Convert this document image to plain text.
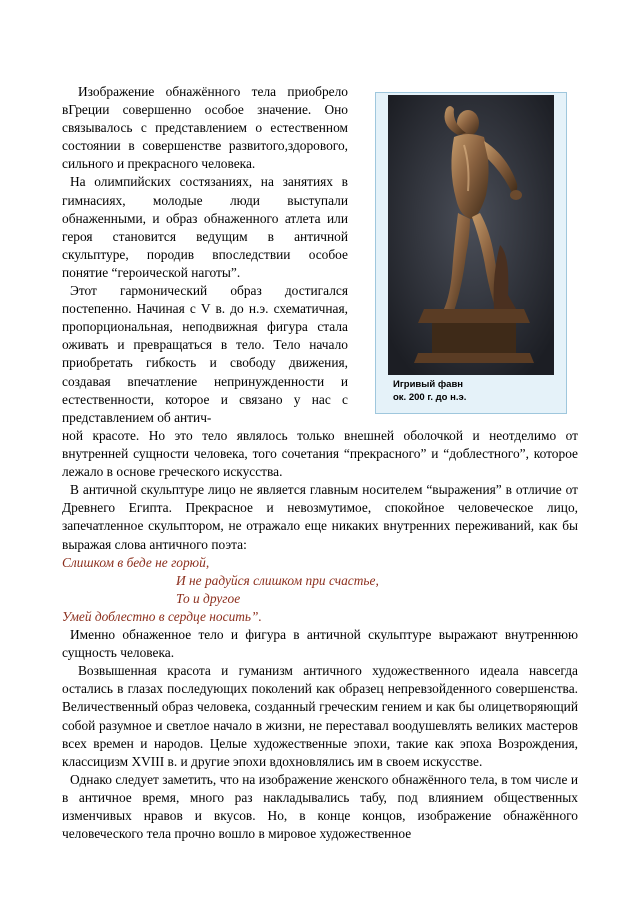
Изображение обнажённого тела приобрело вГреции совершенно особое значение. Оно связывалось с представлением о естественном состоянии в совершенстве развитого,здорового, сильного и прекрасного человека.

На олимпийских состязаниях, на занятиях в гимнасиях, молодые люди выступали обнаженными, и образ обнаженного атлета или героя становится ведущим в античной скульптуре, породив впоследствии особое понятие “героической наготы”.

Этот гармонический образ достигался постепенно. Начиная с V в. до н.э. схематичная, пропорциональная, неподвижная фигура стала оживать и превращаться в тело. Тело начало приобретать гибкость и свободу движения, создавая впечатление непринужденности и естественности, которое и связано у нас с представлением об антич-

Игривый фавн
ок. 200 г. до н.э.

ной красоте. Но это тело являлось только внешней оболочкой и неотделимо от внутренней сущности человека, того сочетания “прекрасного” и “доблестного”, которое лежало в основе греческого искусства.

В античной скульптуре лицо не является главным носителем “выражения” в отличие от Древнего Египта. Прекрасное и невозмутимое, спокойное человеческое лицо, запечатленное скульптором, не отражало еще никаких внутренних переживаний, как бы выражая слова античного поэта:

Слишком в беде не горюй,
И не радуйся слишком при счастье,
То и другое
Умей доблестно в сердце носить”.

Именно обнаженное тело и фигура в античной скульптуре выражают внутреннюю сущность человека.

Возвышенная красота и гуманизм античного художественного идеала навсегда остались в глазах последующих поколений как образец непревзойденного совершенства. Величественный образ человека, созданный греческим гением и как бы олицетворяющий собой разумное и светлое начало в жизни, не переставал воодушевлять великих мастеров всех времен и народов. Целые художественные эпохи, такие как эпоха Возрождения, классицизм XVIII в. и другие эпохи вдохновлялись им в своем искусстве.

Однако следует заметить, что на изображение женского обнажённого тела, в том числе и в античное время, много раз накладывались табу, под влиянием общественных изменчивых нравов и вкусов. Но, в конце концов, изображение обнажённого человеческого тела прочно вошло в мировое художественное
